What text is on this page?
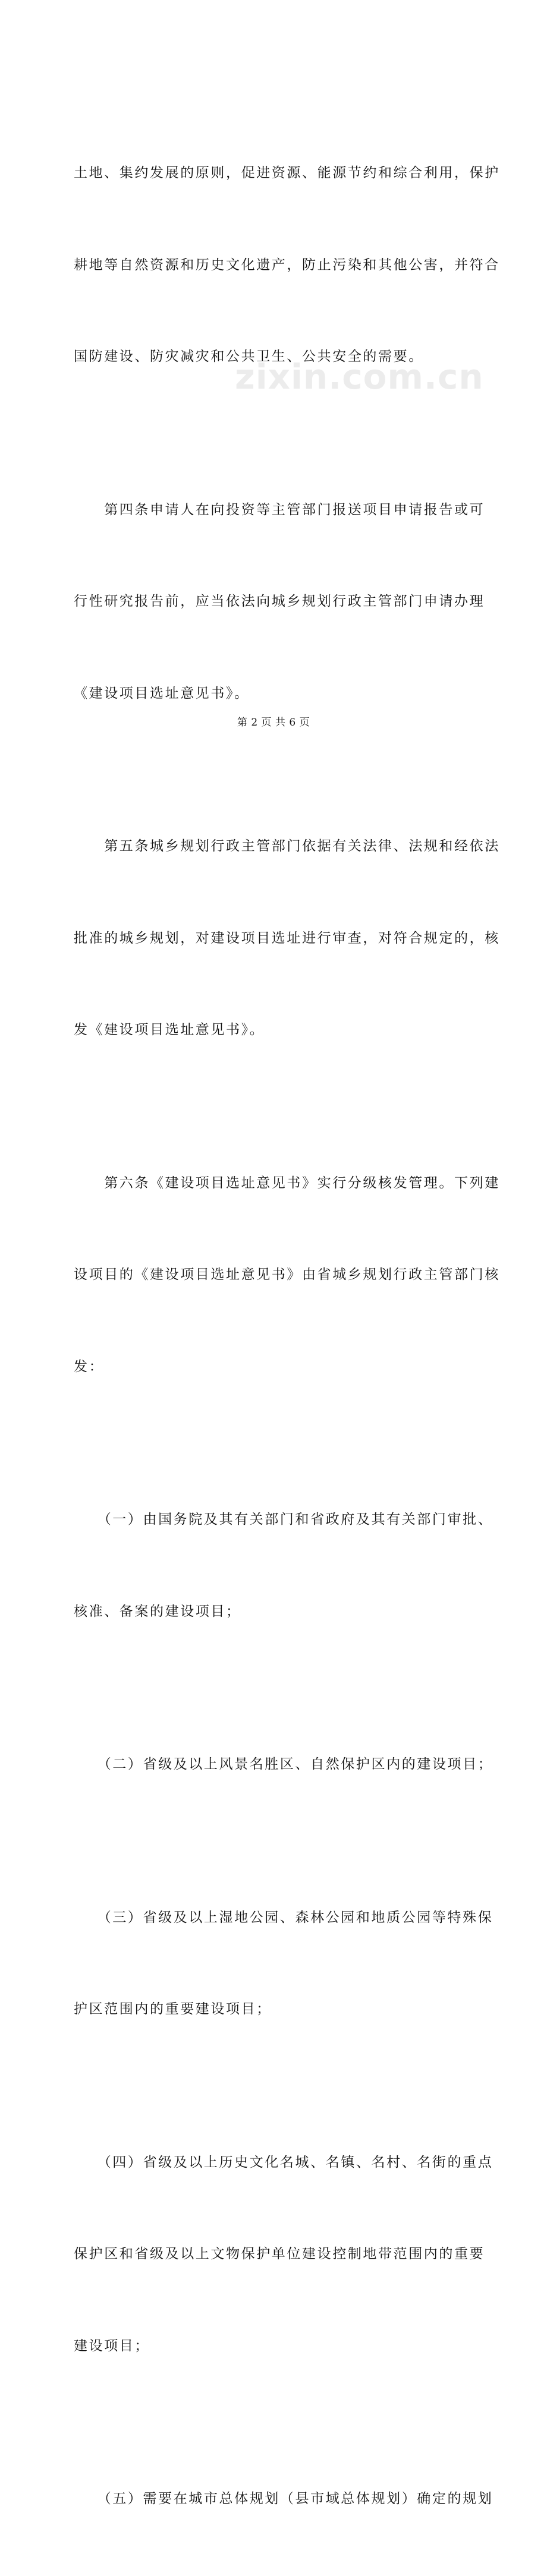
土地、集约发展的原则，促进资源、能源节约和综合利用，保护

耕地等自然资源和历史文化遗产，防止污染和其他公害，并符合

国防建设、防灾减灾和公共卫生、公共安全的需要。

　　第四条申请人在向投资等主管部门报送项目申请报告或可

行性研究报告前，应当依法向城乡规划行政主管部门申请办理

《建设项目选址意见书》。

　　第五条城乡规划行政主管部门依据有关法律、法规和经依法

批准的城乡规划，对建设项目选址进行审查，对符合规定的，核

发《建设项目选址意见书》。

　　第六条《建设项目选址意见书》实行分级核发管理。下列建

设项目的《建设项目选址意见书》由省城乡规划行政主管部门核

发：

　　（一）由国务院及其有关部门和省政府及其有关部门审批、

核准、备案的建设项目；

　　（二）省级及以上风景名胜区、自然保护区内的建设项目；

　　（三）省级及以上湿地公园、森林公园和地质公园等特殊保

护区范围内的重要建设项目；

　　（四）省级及以上历史文化名城、名镇、名村、名街的重点

保护区和省级及以上文物保护单位建设控制地带范围内的重要

建设项目；

　　（五）需要在城市总体规划（县市域总体规划）确定的规划

zixin.com.cn
第 2 页 共 6 页
